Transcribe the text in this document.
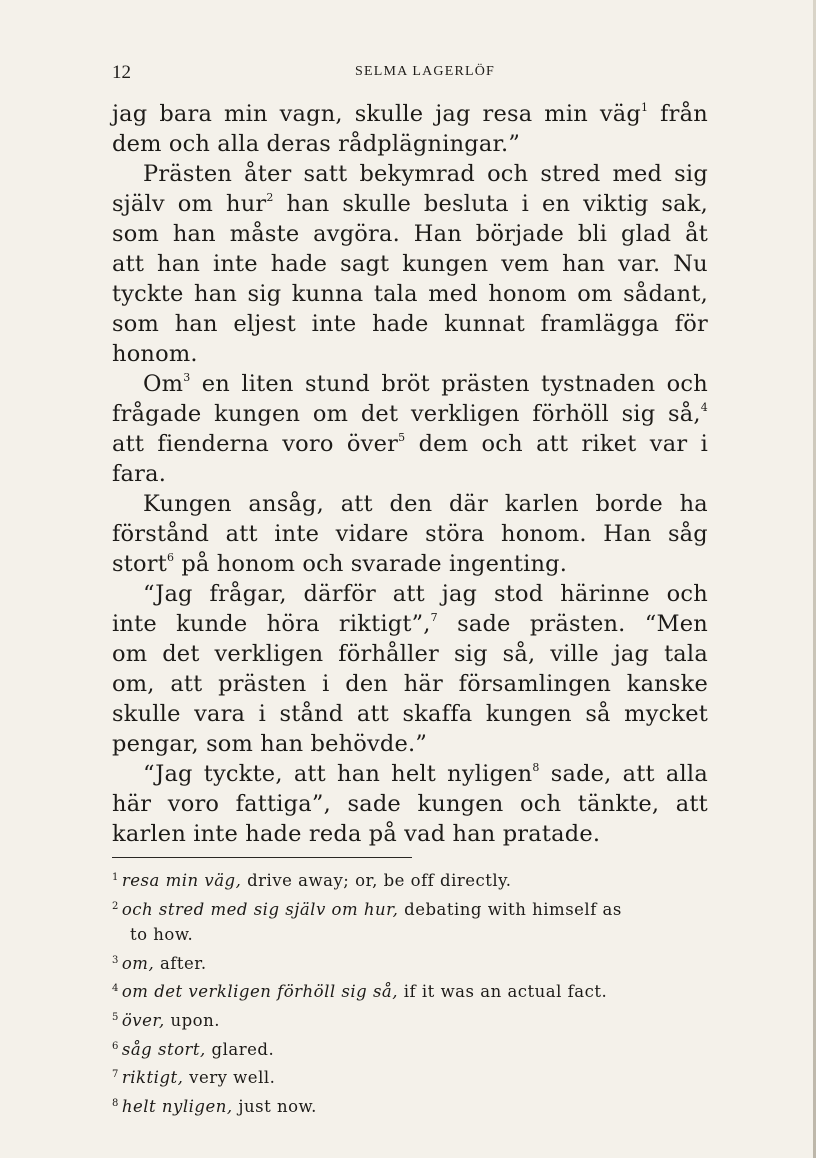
12	SELMA LAGERLÖF
jag bara min vagn, skulle jag resa min väg$^1$ från
dem och alla deras rådplägningar.”
Prästen åter satt bekymrad och stred med sig
själv om hur$^2$ han skulle besluta i en viktig sak,
som han måste avgöra. Han började bli glad åt
att han inte hade sagt kungen vem han var. Nu
tyckte han sig kunna tala med honom om sådant,
som han eljest inte hade kunnat framlägga för
honom.
Om$^3$ en liten stund bröt prästen tystnaden och
frågade kungen om det verkligen förhöll sig så,$^4$
att fienderna voro över$^5$ dem och att riket var i
fara.
Kungen ansåg, att den där karlen borde ha
förstånd att inte vidare störa honom. Han såg
stort$^6$ på honom och svarade ingenting.
“Jag frågar, därför att jag stod härinne och
inte kunde höra riktigt”,$^7$ sade prästen. “Men
om det verkligen förhåller sig så, ville jag tala
om, att prästen i den här församlingen kanske
skulle vara i stånd att skaffa kungen så mycket
pengar, som han behövde.”
“Jag tyckte, att han helt nyligen$^8$ sade, att alla
här voro fattiga”, sade kungen och tänkte, att
karlen inte hade reda på vad han pratade.
$^1$ resa min väg, drive away; or, be off directly.
$^2$ och stred med sig själv om hur, debating with himself as
to how.
$^3$ om, after.
$^4$ om det verkligen förhöll sig så, if it was an actual fact.
$^5$ över, upon.
$^6$ såg stort, glared.
$^7$ riktigt, very well.
$^8$ helt nyligen, just now.
